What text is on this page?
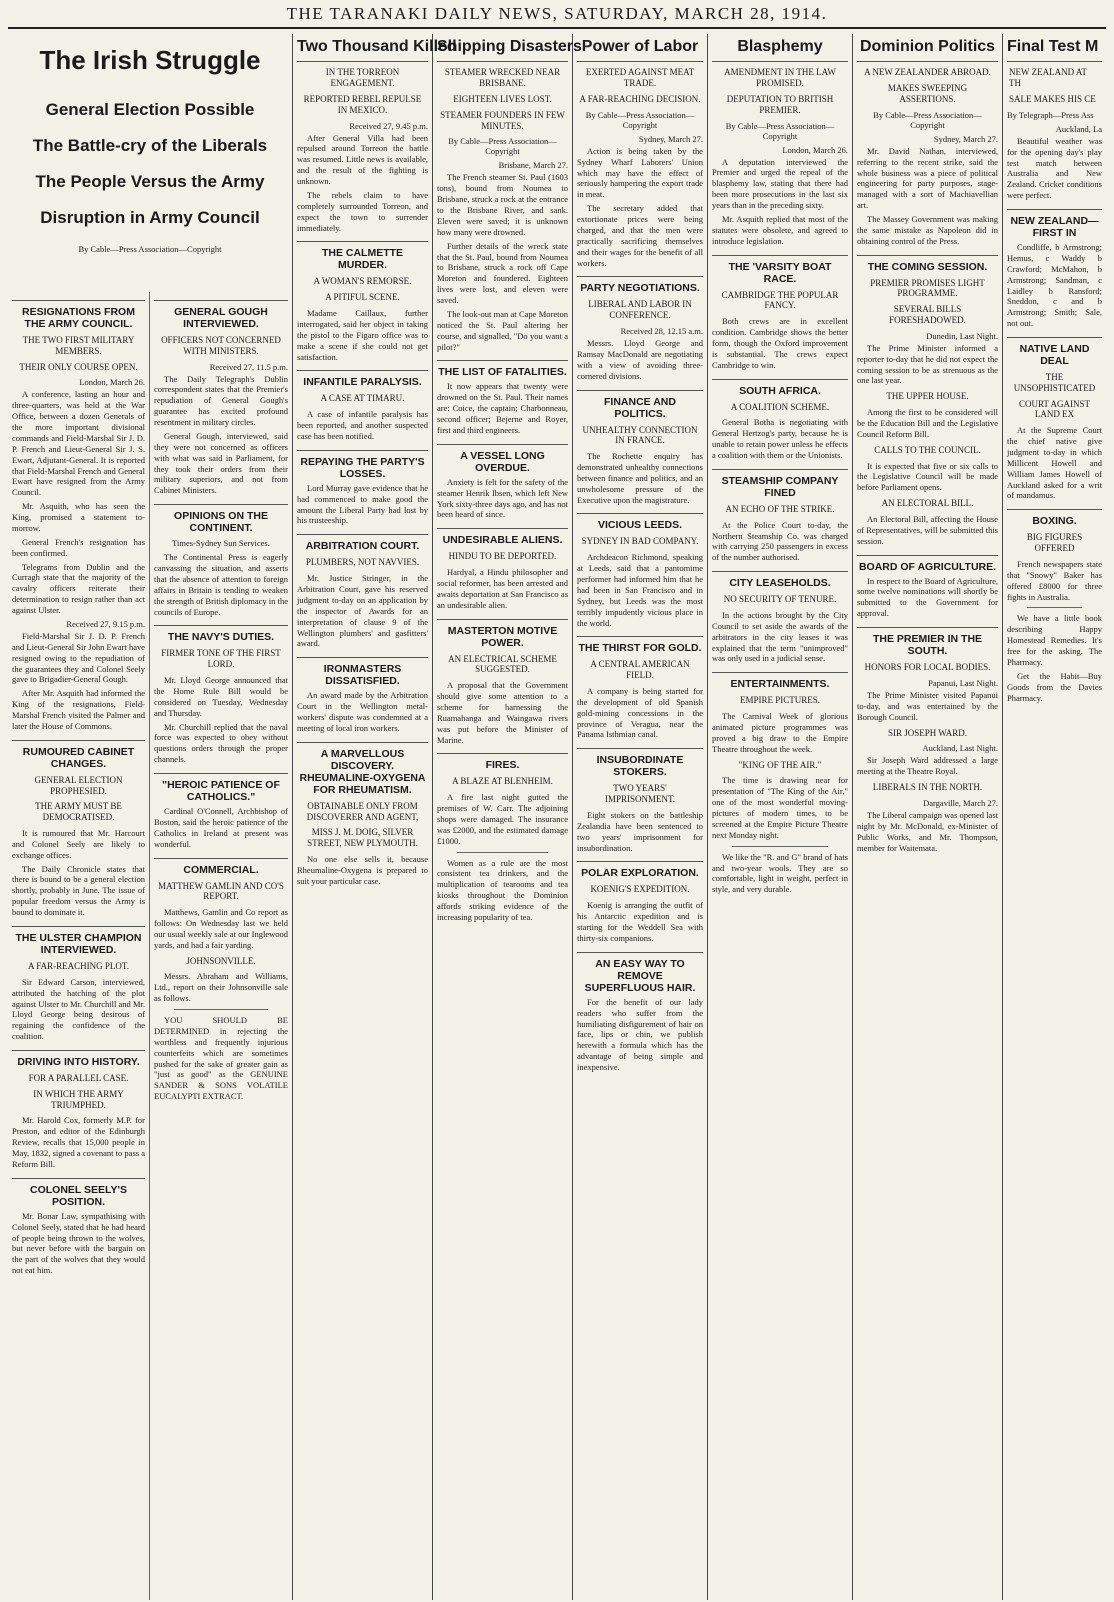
THE TARANAKI DAILY NEWS, SATURDAY, MARCH 28, 1914.
The Irish Struggle
General Election Possible
The Battle-cry of the Liberals
The People Versus the Army
Disruption in Army Council
By Cable—Press Association—Copyright
RESIGNATIONS FROM THE ARMY COUNCIL.
THE TWO FIRST MILITARY MEMBERS.
THEIR ONLY COURSE OPEN.
London, March 26.

A conference, lasting an hour and three-quarters, was held at the War Office, between a dozen Generals of the more important divisional commands and Field-Marshal Sir J. D. P. French and Lieut-General Sir J. S. Ewart, Adjutant-General. It is reported that Field-Marshal French and General Ewart have resigned from the Army Council.

Mr. Asquith, who has seen the King, promised a statement to-morrow.

General French's resignation has been confirmed.

Telegrams from Dublin and the Curragh state that the majority of the cavalry officers reiterate their determination to resign rather than act against Ulster.

Received 27, 9.15 p.m.

Field-Marshal Sir J. D. P. French and Lieut-General Sir John Ewart have resigned owing to the repudiation of the guarantees they and Colonel Seely gave to Brigadier-General Gough.

After Mr. Asquith had informed the King of the resignations, Field-Marshal French visited the Palmer and later the House of Commons.

RUMOURED CABINET CHANGES.
GENERAL ELECTION PROPHESIED.
THE ARMY MUST BE DEMOCRATISED.

It is rumoured that Mr. Harcourt and Colonel Seely are likely to exchange offices.

The Daily Chronicle states that there is bound to be a general election shortly, probably in June. The issue of popular freedom versus the Army is bound to dominate it.

THE ULSTER CHAMPION INTERVIEWED.
A FAR-REACHING PLOT.

Sir Edward Carson, interviewed, attributed the hatching of the plot against Ulster to Mr. Churchill and Mr. Lloyd George being desirous of regaining the confidence of the coalition.

DRIVING INTO HISTORY.
FOR A PARALLEL CASE.
IN WHICH THE ARMY TRIUMPHED.

Mr. Harold Cox, formerly M.P. for Preston, and editor of the Edinburgh Review, recalls that 15,000 people in May, 1832, signed a covenant to pass a Reform Bill.

COLONEL SEELY'S POSITION.

Mr. Bonar Law, sympathising with Colonel Seely, stated that he had heard of people being thrown to the wolves, but never before with the bargain on the part of the wolves that they would not eat him.

GENERAL GOUGH INTERVIEWED.
OFFICERS NOT CONCERNED WITH MINISTERS.
Received 27, 11.5 p.m.

The Daily Telegraph's Dublin correspondent states that the Premier's repudiation of General Gough's guarantee has excited profound resentment in military circles.

General Gough, interviewed, said they were not concerned as officers with what was said in Parliament, for they took their orders from their military superiors, and not from Cabinet Ministers.

OPINIONS ON THE CONTINENT.
Times-Sydney Sun Services.

The Continental Press is eagerly canvassing the situation, and asserts that the absence of attention to foreign affairs in Britain is tending to weaken the strength of British diplomacy in the councils of Europe.

THE NAVY'S DUTIES.
FIRMER TONE OF THE FIRST LORD.

Mr. Lloyd George announced that the Home Rule Bill would be considered on Tuesday, Wednesday and Thursday.

Mr. Churchill replied that the naval force was expected to obey without questions orders through the proper channels.

"HEROIC PATIENCE OF CATHOLICS."

Cardinal O'Connell, Archbishop of Boston, said the heroic patience of the Catholics in Ireland at present was wonderful.

COMMERCIAL.
MATTHEW GAMLIN AND CO'S REPORT.

Matthews, Gamlin and Co report as follows: On Wednesday last we held our usual weekly sale at our Inglewood yards, and had a fair yarding.

JOHNSONVILLE.

Messrs. Abraham and Williams, Ltd., report on their Johnsonville sale as follows.

YOU SHOULD BE DETERMINED in rejecting the worthless and frequently injurious counterfeits which are sometimes pushed for the sake of greater gain as "just as good" as the GENUINE SANDER & SONS VOLATILE EUCALYPTI EXTRACT.

Two Thousand Killed
IN THE TORREON ENGAGEMENT.
REPORTED REBEL REPULSE IN MEXICO.
Received 27, 9.45 p.m.

After General Villa had been repulsed around Torreon the battle was resumed. Little news is available, and the result of the fighting is unknown.

The rebels claim to have completely surrounded Torreon, and expect the town to surrender immediately.

THE CALMETTE MURDER.
A WOMAN'S REMORSE.
A PITIFUL SCENE.

Madame Caillaux, further interrogated, said her object in taking the pistol to the Figaro office was to make a scene if she could not get satisfaction.

INFANTILE PARALYSIS.
A CASE AT TIMARU.

A case of infantile paralysis has been reported, and another suspected case has been notified.

REPAYING THE PARTY'S LOSSES.

Lord Murray gave evidence that he had commenced to make good the amount the Liberal Party had lost by his trusteeship.

ARBITRATION COURT.
PLUMBERS, NOT NAVVIES.

Mr. Justice Stringer, in the Arbitration Court, gave his reserved judgment to-day on an application by the inspector of Awards for an interpretation of clause 9 of the Wellington plumbers' and gasfitters' award.

IRONMASTERS DISSATISFIED.

An award made by the Arbitration Court in the Wellington metal-workers' dispute was condemned at a meeting of local iron workers.

A MARVELLOUS DISCOVERY. RHEUMALINE-OXYGENA FOR RHEUMATISM.
OBTAINABLE ONLY FROM DISCOVERER AND AGENT,
MISS J. M. DOIG, SILVER STREET, NEW PLYMOUTH.

No one else sells it, because Rheumaline-Oxygena is prepared to suit your particular case.

Shipping Disasters
STEAMER WRECKED NEAR BRISBANE.
EIGHTEEN LIVES LOST.
STEAMER FOUNDERS IN FEW MINUTES.
By Cable—Press Association—Copyright
Brisbane, March 27.

The French steamer St. Paul (1603 tons), bound from Noumea to Brisbane, struck a rock at the entrance to the Brisbane River, and sank. Eleven were saved; it is unknown how many were drowned.

Further details of the wreck state that the St. Paul, bound from Noumea to Brisbane, struck a rock off Cape Moreton and foundered. Eighteen lives were lost, and eleven were saved.

The look-out man at Cape Moreton noticed the St. Paul altering her course, and signalled, "Do you want a pilot?"

THE LIST OF FATALITIES.

It now appears that twenty were drowned on the St. Paul. Their names are: Coice, the captain; Charbonneau, second officer; Bejerne and Royer, first and third engineers.

A VESSEL LONG OVERDUE.

Anxiety is felt for the safety of the steamer Henrik Ibsen, which left New York sixty-three days ago, and has not been heard of since.

UNDESIRABLE ALIENS.
HINDU TO BE DEPORTED.

Hardyal, a Hindu philosopher and social reformer, has been arrested and awaits deportation at San Francisco as an undesirable alien.

MASTERTON MOTIVE POWER.
AN ELECTRICAL SCHEME SUGGESTED.

A proposal that the Government should give some attention to a scheme for harnessing the Ruamahanga and Waingawa rivers was put before the Minister of Marine.

FIRES.
A BLAZE AT BLENHEIM.

A fire last night gutted the premises of W. Carr. The adjoining shops were damaged. The insurance was £2000, and the estimated damage £1000.

Women as a rule are the most consistent tea drinkers, and the multiplication of tearooms and tea kiosks throughout the Dominion affords striking evidence of the increasing popularity of tea.

Power of Labor
EXERTED AGAINST MEAT TRADE.
A FAR-REACHING DECISION.
By Cable—Press Association—Copyright
Sydney, March 27.

Action is being taken by the Sydney Wharf Laborers' Union which may have the effect of seriously hampering the export trade in meat.

The secretary added that extortionate prices were being charged, and that the men were practically sacrificing themselves and their wages for the benefit of all workers.

PARTY NEGOTIATIONS.
LIBERAL AND LABOR IN CONFERENCE.
Received 28, 12.15 a.m.

Messrs. Lloyd George and Ramsay MacDonald are negotiating with a view of avoiding three-cornered divisions.

FINANCE AND POLITICS.
UNHEALTHY CONNECTION IN FRANCE.

The Rochette enquiry has demonstrated unhealthy connections between finance and politics, and an unwholesome pressure of the Executive upon the magistrature.

VICIOUS LEEDS.
SYDNEY IN BAD COMPANY.

Archdeacon Richmond, speaking at Leeds, said that a pantomime performer had informed him that he had been in San Francisco and in Sydney, but Leeds was the most terribly impudently vicious place in the world.

THE THIRST FOR GOLD.
A CENTRAL AMERICAN FIELD.

A company is being started for the development of old Spanish gold-mining concessions in the province of Veragua, near the Panama Isthmian canal.

INSUBORDINATE STOKERS.
TWO YEARS' IMPRISONMENT.

Eight stokers on the battleship Zealandia have been sentenced to two years' imprisonment for insubordination.

POLAR EXPLORATION.
KOENIG'S EXPEDITION.

Koenig is arranging the outfit of his Antarctic expedition and is starting for the Weddell Sea with thirty-six companions.

AN EASY WAY TO REMOVE SUPERFLUOUS HAIR.

For the benefit of our lady readers who suffer from the humiliating disfigurement of hair on face, lips or chin, we publish herewith a formula which has the advantage of being simple and inexpensive.

Blasphemy
AMENDMENT IN THE LAW PROMISED.
DEPUTATION TO BRITISH PREMIER.
By Cable—Press Association—Copyright
London, March 26.

A deputation interviewed the Premier and urged the repeal of the blasphemy law, stating that there had been more prosecutions in the last six years than in the preceding sixty.

Mr. Asquith replied that most of the statutes were obsolete, and agreed to introduce legislation.

THE 'VARSITY BOAT RACE.
CAMBRIDGE THE POPULAR FANCY.

Both crews are in excellent condition. Cambridge shows the better form, though the Oxford improvement is substantial. The crews expect Cambridge to win.

SOUTH AFRICA.
A COALITION SCHEME.

General Botha is negotiating with General Hertzog's party, because he is unable to retain power unless he effects a coalition with them or the Unionists.

STEAMSHIP COMPANY FINED
AN ECHO OF THE STRIKE.

At the Police Court to-day, the Northern Steamship Co. was charged with carrying 250 passengers in excess of the number authorised.

CITY LEASEHOLDS.
NO SECURITY OF TENURE.

In the actions brought by the City Council to set aside the awards of the arbitrators in the city leases it was explained that the term "unimproved" was only used in a judicial sense.

ENTERTAINMENTS.
EMPIRE PICTURES.

The Carnival Week of glorious animated picture programmes was proved a big draw to the Empire Theatre throughout the week.

"KING OF THE AIR."

The time is drawing near for presentation of "The King of the Air," one of the most wonderful moving-pictures of modern times, to be screened at the Empire Picture Theatre next Monday night.

We like the "R. and G" brand of hats and two-year wools. They are so comfortable, light in weight, perfect in style, and very durable.

Dominion Politics
A NEW ZEALANDER ABROAD.
MAKES SWEEPING ASSERTIONS.
By Cable—Press Association—Copyright
Sydney, March 27.

Mr. David Nathan, interviewed, referring to the recent strike, said the whole business was a piece of political engineering for party purposes, stage-managed with a sort of Machiavellian art.

The Massey Government was making the same mistake as Napoleon did in obtaining control of the Press.

THE COMING SESSION.
PREMIER PROMISES LIGHT PROGRAMME.
SEVERAL BILLS FORESHADOWED.
Dunedin, Last Night.

The Prime Minister informed a reporter to-day that he did not expect the coming session to be as strenuous as the one last year.

THE UPPER HOUSE.

Among the first to be considered will be the Education Bill and the Legislative Council Reform Bill.

CALLS TO THE COUNCIL.

It is expected that five or six calls to the Legislative Council will be made before Parliament opens.

AN ELECTORAL BILL.

An Electoral Bill, affecting the House of Representatives, will be submitted this session.

BOARD OF AGRICULTURE.

In respect to the Board of Agriculture, some twelve nominations will shortly be submitted to the Government for approval.

THE PREMIER IN THE SOUTH.
HONORS FOR LOCAL BODIES.
Papanui, Last Night.

The Prime Minister visited Papanui to-day, and was entertained by the Borough Council.

SIR JOSEPH WARD.
Auckland, Last Night.

Sir Joseph Ward addressed a large meeting at the Theatre Royal.

LIBERALS IN THE NORTH.
Dargaville, March 27.

The Liberal campaign was opened last night by Mr. McDonald, ex-Minister of Public Works, and Mr. Thompson, member for Waitemata.

Final Test M
NEW ZEALAND AT TH
SALE MAKES HIS CE
By Telegraph—Press Ass
Auckland, La

Beautiful weather was for the opening day's play test match between Australia and New Zealand. Cricket conditions were perfect.

NEW ZEALAND—FIRST IN

Condliffe, b Armstrong; Hemus, c Waddy b Crawford; McMahon, b Armstrong; Sandman, c Laidley b Ransford; Sneddon, c and b Armstrong; Smith; Sale, not out.

NATIVE LAND DEAL
THE UNSOPHISTICATED
COURT AGAINST LAND EX

At the Supreme Court the chief native give judgment to-day in which Millicent Howell and William James Howell of Auckland asked for a writ of mandamus.

BOXING.
BIG FIGURES OFFERED

French newspapers state that "Snowy" Baker has offered £8000 for three fights in Australia.

We have a little book describing Happy Homestead Remedies. It's free for the asking. The Pharmacy.

Get the Habit—Buy Goods from the Davies Pharmacy.
